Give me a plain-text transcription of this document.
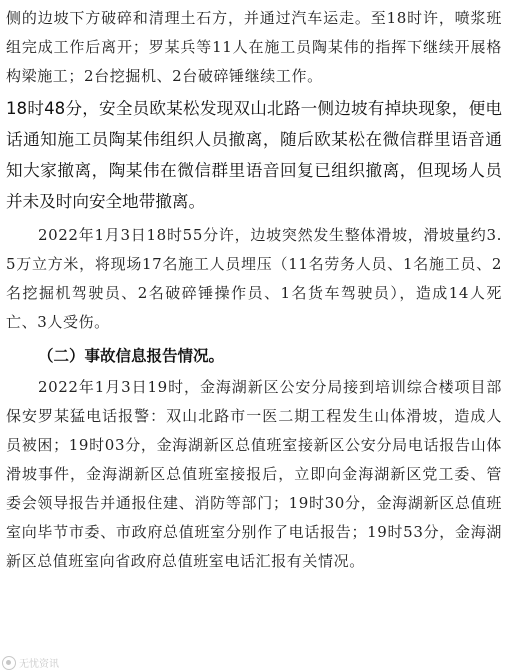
侧的边坡下方破碎和清理土石方，并通过汽车运走。至18时许，喷浆班组完成工作后离开；罗某兵等11人在施工员陶某伟的指挥下继续开展格构梁施工；2台挖掘机、2台破碎锤继续工作。

18时48分，安全员欧某松发现双山北路一侧边坡有掉块现象，便电话通知施工员陶某伟组织人员撤离，随后欧某松在微信群里语音通知大家撤离，陶某伟在微信群里语音回复已组织撤离，但现场人员并未及时向安全地带撤离。

2022年1月3日18时55分许，边坡突然发生整体滑坡，滑坡量约3.5万立方米，将现场17名施工人员埋压（11名劳务人员、1名施工员、2名挖掘机驾驶员、2名破碎锤操作员、1名货车驾驶员），造成14人死亡、3人受伤。

（二）事故信息报告情况。

2022年1月3日19时，金海湖新区公安分局接到培训综合楼项目部保安罗某猛电话报警：双山北路市一医二期工程发生山体滑坡，造成人员被困；19时03分，金海湖新区总值班室接新区公安分局电话报告山体滑坡事件，金海湖新区总值班室接报后，立即向金海湖新区党工委、管委会领导报告并通报住建、消防等部门；19时30分，金海湖新区总值班室向毕节市委、市政府总值班室分别作了电话报告；19时53分，金海湖新区总值班室向省政府总值班室电话汇报有关情况。

无忧资讯
